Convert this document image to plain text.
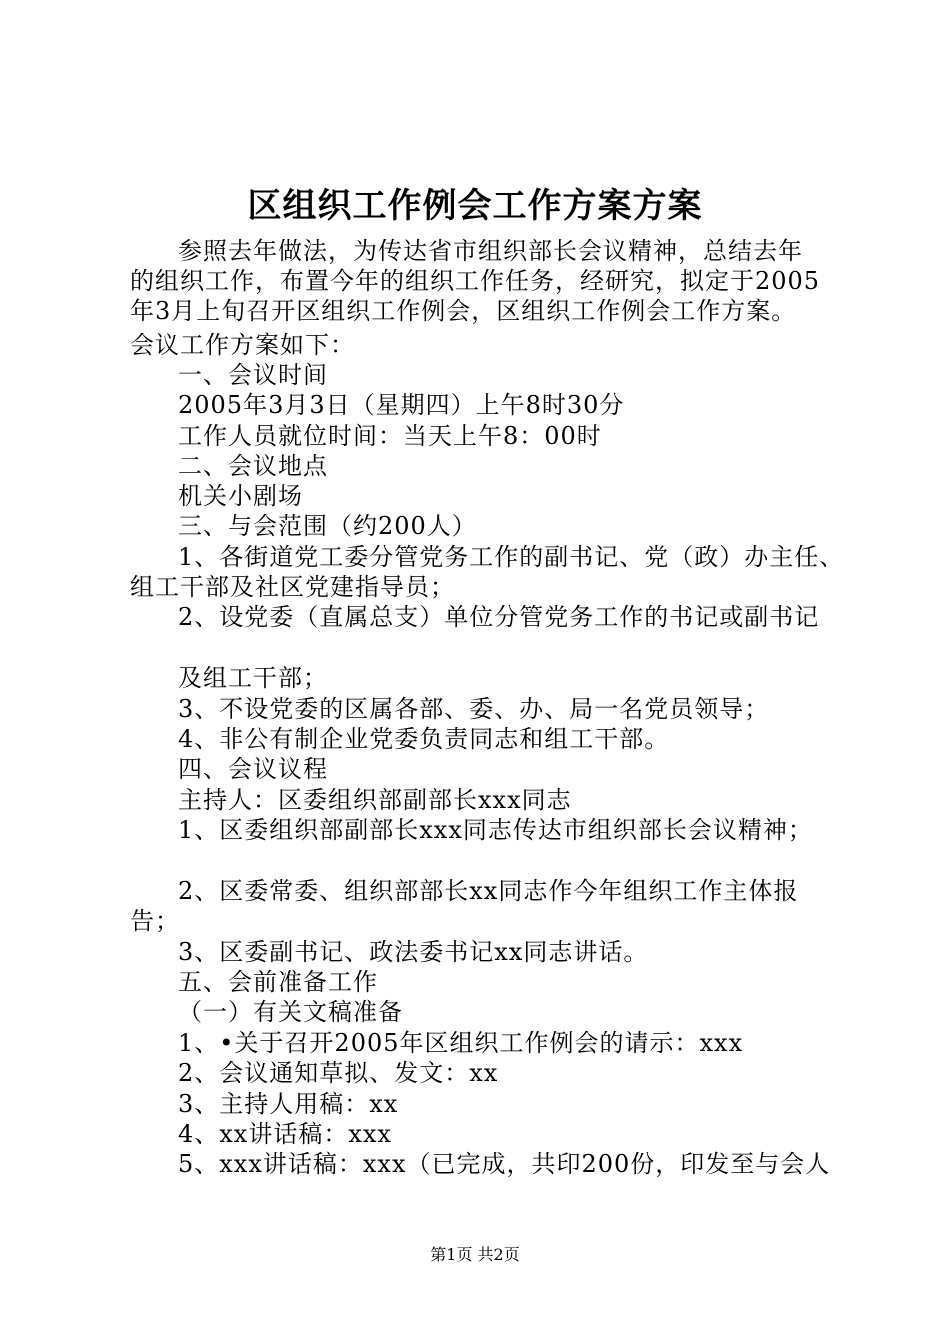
区组织工作例会工作方案方案
参照去年做法，为传达省市组织部长会议精神，总结去年
的组织工作，布置今年的组织工作任务，经研究，拟定于2005
年3月上旬召开区组织工作例会，区组织工作例会工作方案。
会议工作方案如下：
一、会议时间
2005年3月3日（星期四）上午8时30分
工作人员就位时间：当天上午8：00时
二、会议地点
机关小剧场
三、与会范围（约200人）
1、各街道党工委分管党务工作的副书记、党（政）办主任、
组工干部及社区党建指导员；
2、设党委（直属总支）单位分管党务工作的书记或副书记
及组工干部；
3、不设党委的区属各部、委、办、局一名党员领导；
4、非公有制企业党委负责同志和组工干部。
四、会议议程
主持人：区委组织部副部长xxx同志
1、区委组织部副部长xxx同志传达市组织部长会议精神；
2、区委常委、组织部部长xx同志作今年组织工作主体报
告；
3、区委副书记、政法委书记xx同志讲话。
五、会前准备工作
（一）有关文稿准备
1、•关于召开2005年区组织工作例会的请示：xxx
2、会议通知草拟、发文：xx
3、主持人用稿：xx
4、xx讲话稿：xxx
5、xxx讲话稿：xxx（已完成，共印200份，印发至与会人
第1页 共2页
